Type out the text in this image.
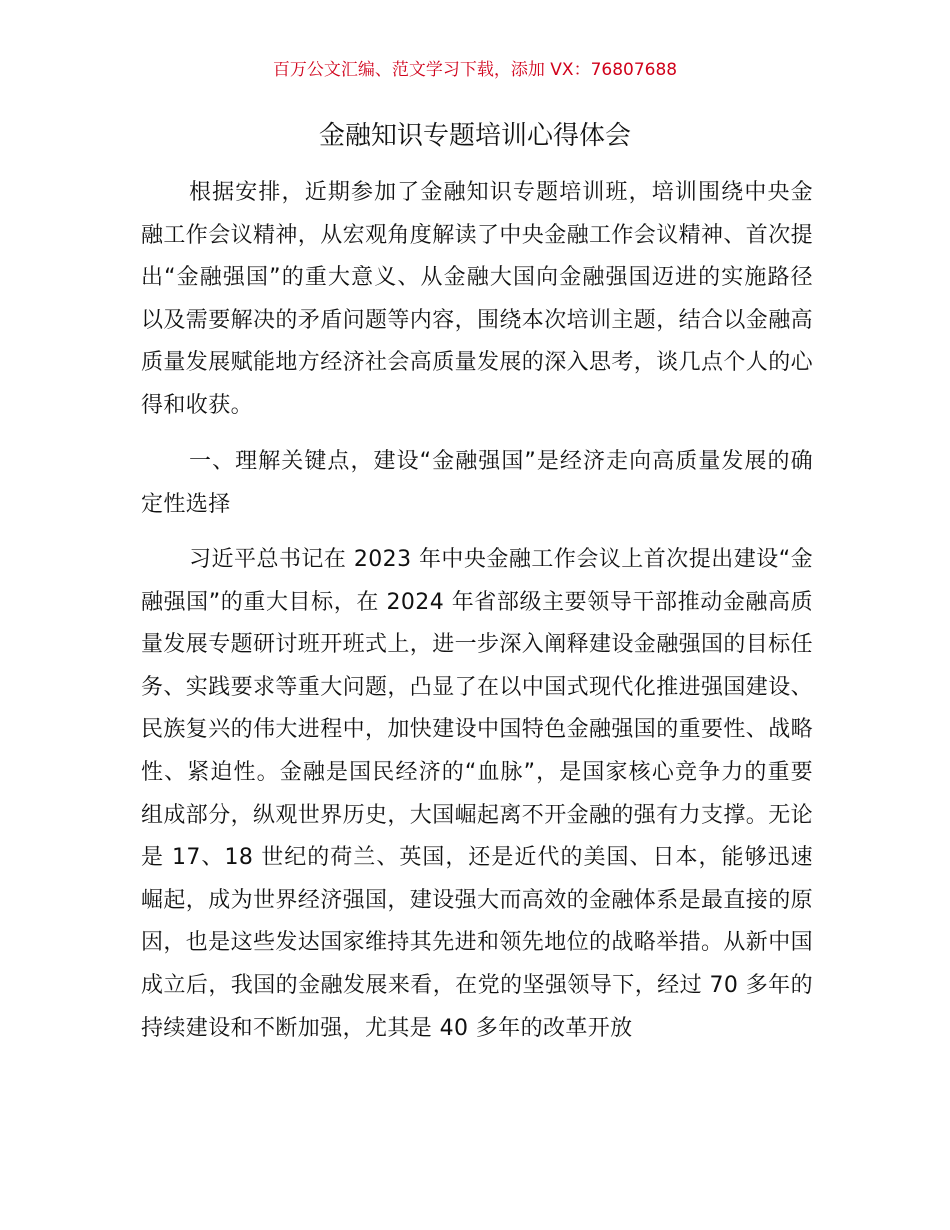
百万公文汇编、范文学习下载，添加 VX：76807688
金融知识专题培训心得体会

根据安排，近期参加了金融知识专题培训班，培训围绕中央金融工作会议精神，从宏观角度解读了中央金融工作会议精神、首次提出“金融强国”的重大意义、从金融大国向金融强国迈进的实施路径以及需要解决的矛盾问题等内容，围绕本次培训主题，结合以金融高质量发展赋能地方经济社会高质量发展的深入思考，谈几点个人的心得和收获。

一、理解关键点，建设“金融强国”是经济走向高质量发展的确定性选择

习近平总书记在 2023 年中央金融工作会议上首次提出建设“金融强国”的重大目标，在 2024 年省部级主要领导干部推动金融高质量发展专题研讨班开班式上，进一步深入阐释建设金融强国的目标任务、实践要求等重大问题，凸显了在以中国式现代化推进强国建设、民族复兴的伟大进程中，加快建设中国特色金融强国的重要性、战略性、紧迫性。金融是国民经济的“血脉”，是国家核心竞争力的重要组成部分，纵观世界历史，大国崛起离不开金融的强有力支撑。无论是 17、18 世纪的荷兰、英国，还是近代的美国、日本，能够迅速崛起，成为世界经济强国，建设强大而高效的金融体系是最直接的原因，也是这些发达国家维持其先进和领先地位的战略举措。从新中国成立后，我国的金融发展来看，在党的坚强领导下，经过 70 多年的持续建设和不断加强，尤其是 40 多年的改革开放
